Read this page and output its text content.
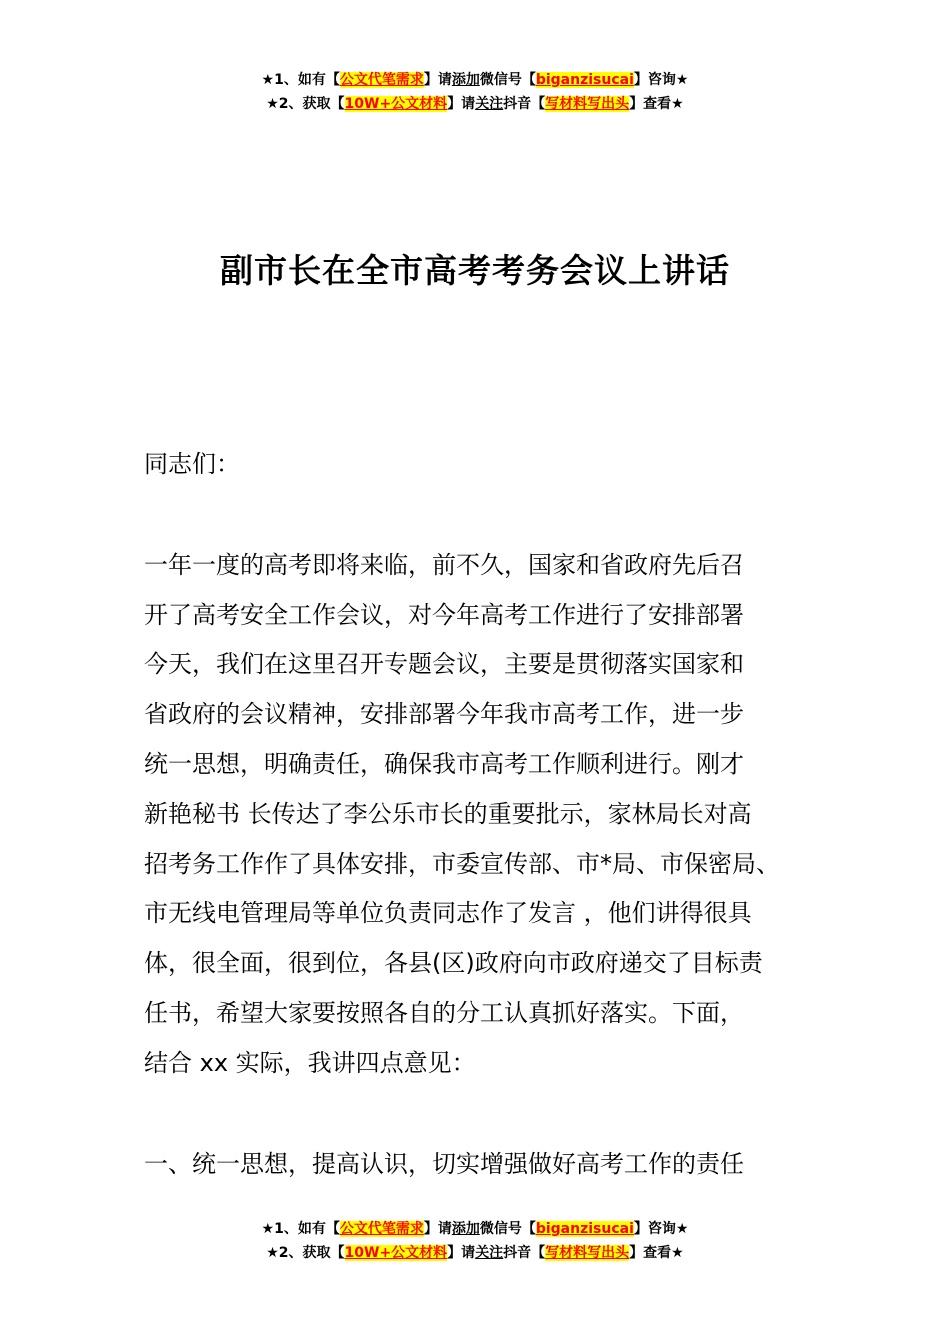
★1、如有【公文代笔需求】请添加微信号【biganzisucai】咨询★
★2、获取【10W+公文材料】请关注抖音【写材料写出头】查看★
副市长在全市高考考务会议上讲话

同志们：

一年一度的高考即将来临，前不久，国家和省政府先后召
开了高考安全工作会议，对今年高考工作进行了安排部署
今天，我们在这里召开专题会议，主要是贯彻落实国家和
省政府的会议精神，安排部署今年我市高考工作，进一步
统一思想，明确责任，确保我市高考工作顺利进行。刚才
新艳秘书 长传达了李公乐市长的重要批示，家林局长对高
招考务工作作了具体安排，市委宣传部、市*局、市保密局、
市无线电管理局等单位负责同志作了发言 ，他们讲得很具
体，很全面，很到位，各县(区)政府向市政府递交了目标责
任书，希望大家要按照各自的分工认真抓好落实。下面，
结合 xx 实际，我讲四点意见：

一、统一思想，提高认识，切实增强做好高考工作的责任

★1、如有【公文代笔需求】请添加微信号【biganzisucai】咨询★
★2、获取【10W+公文材料】请关注抖音【写材料写出头】查看★
